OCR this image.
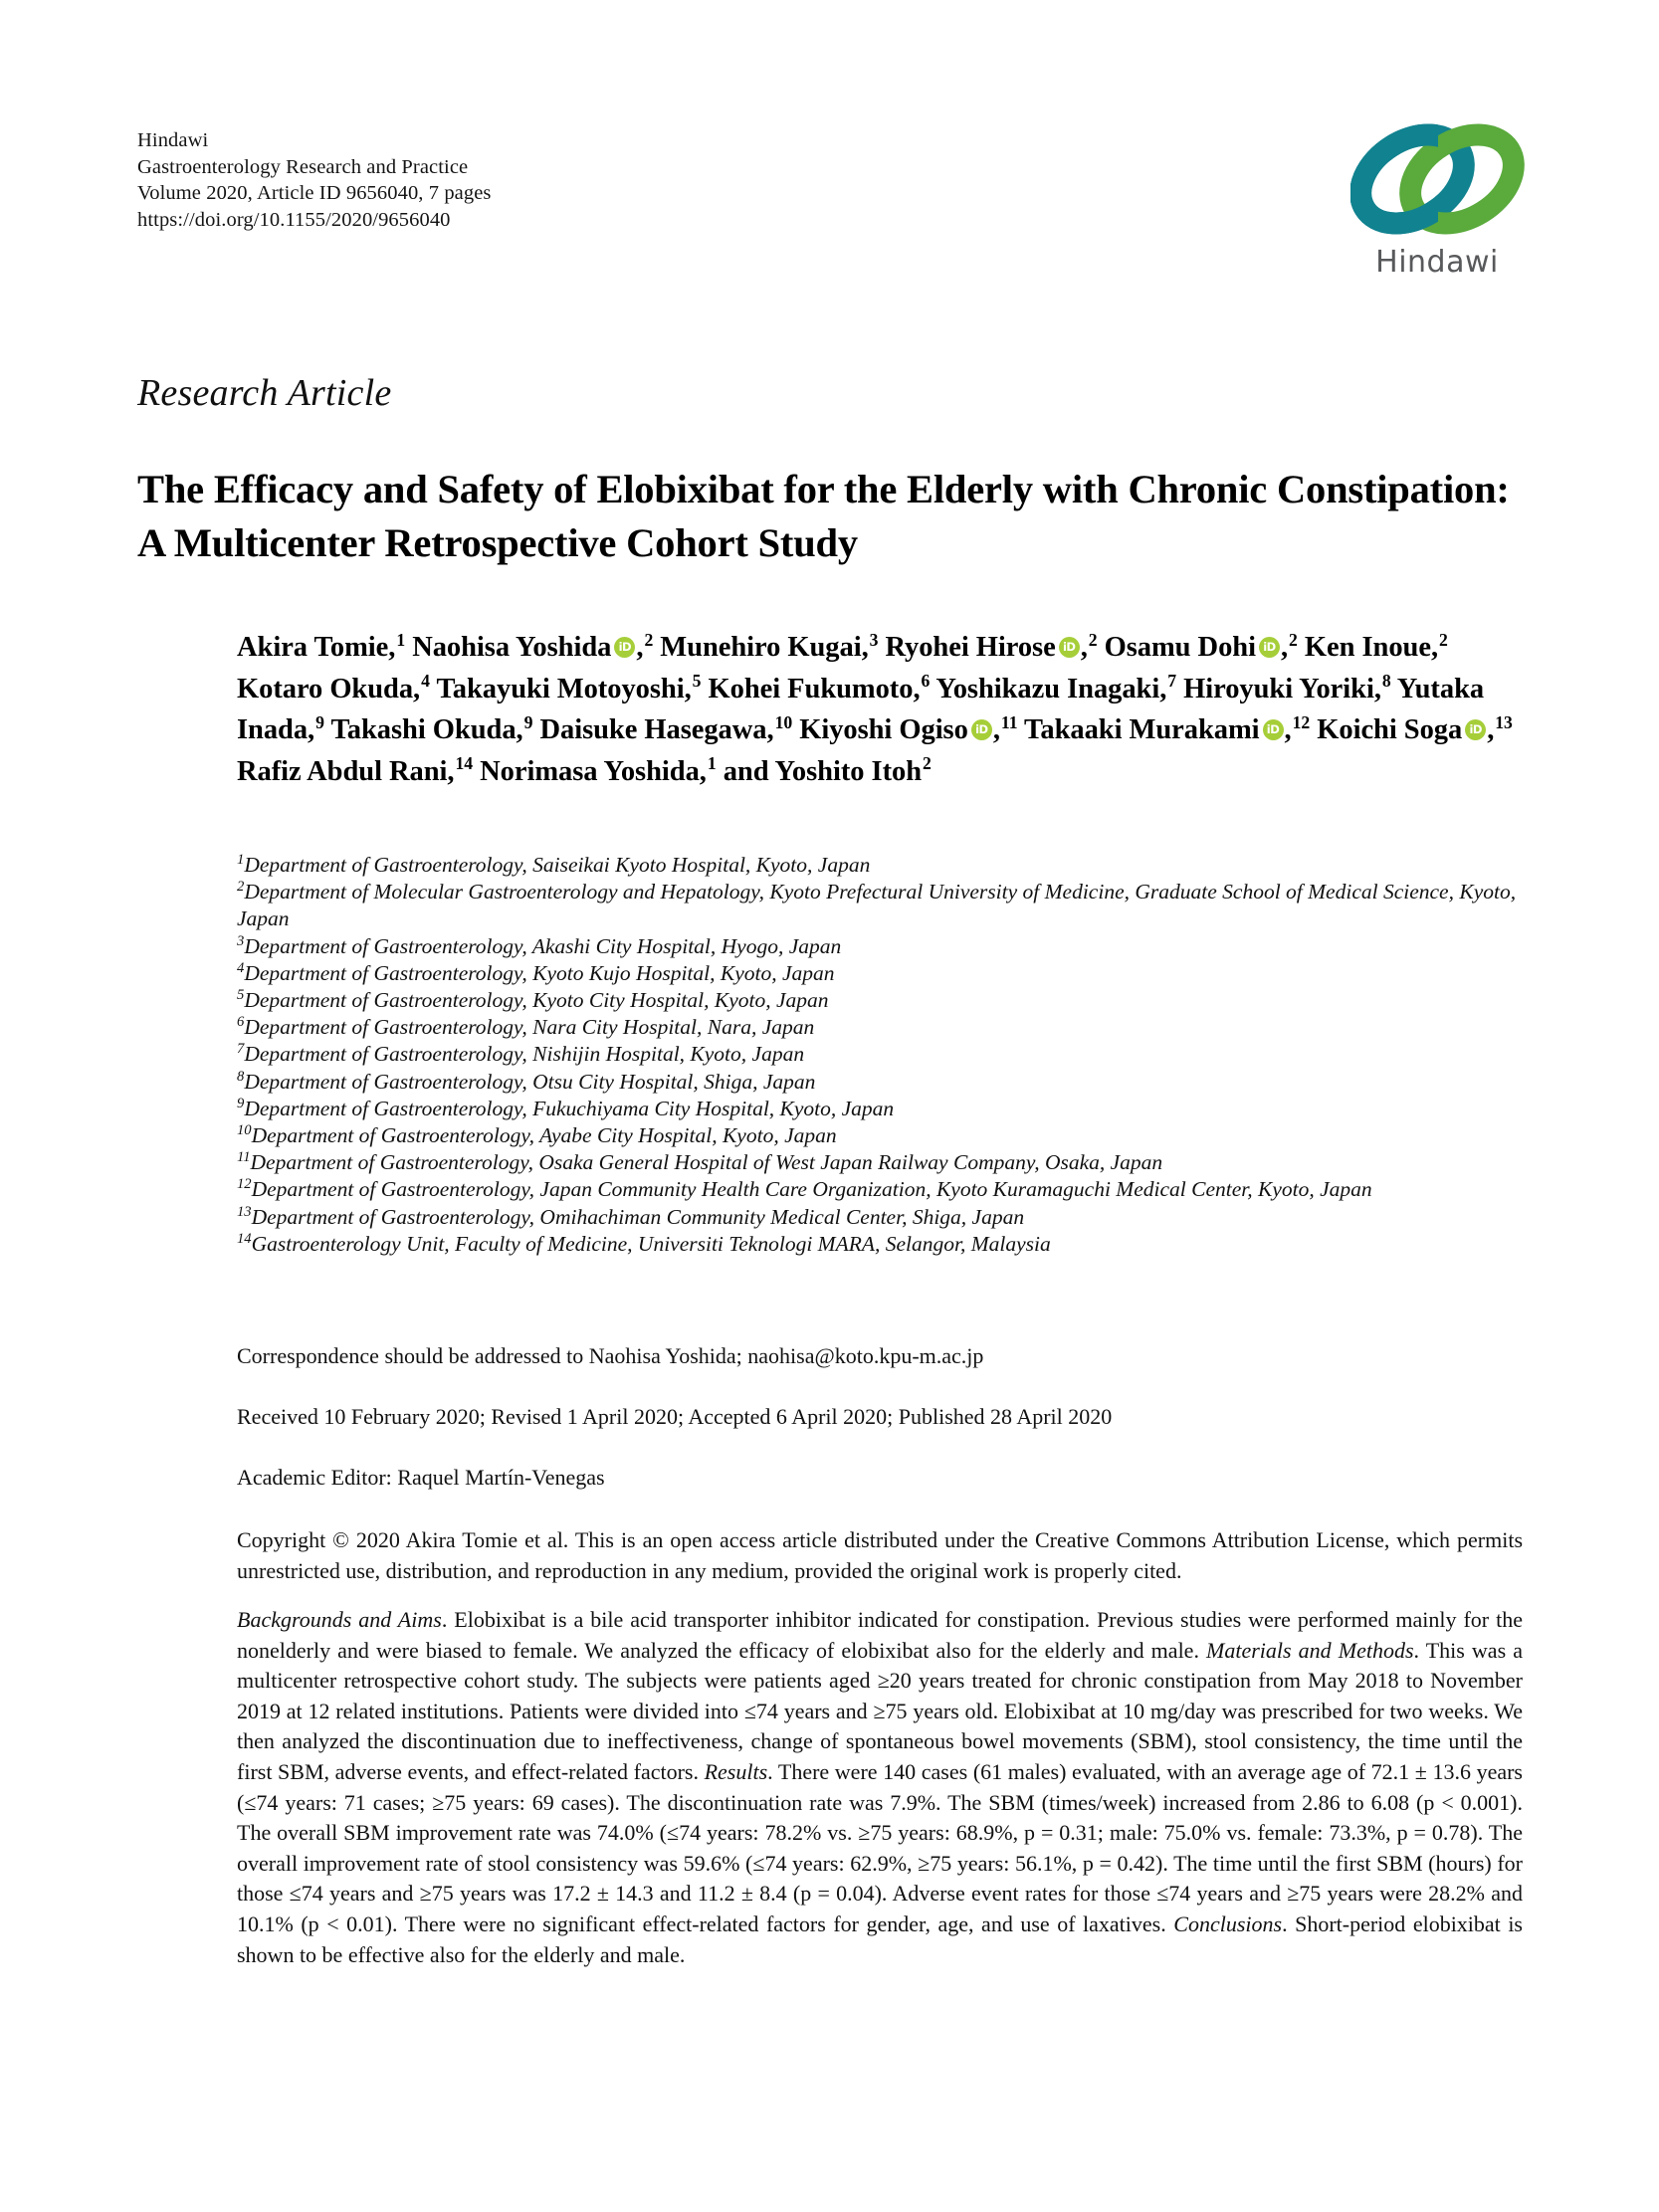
Hindawi
Gastroenterology Research and Practice
Volume 2020, Article ID 9656040, 7 pages
https://doi.org/10.1155/2020/9656040
Hindawi
Research Article
The Efficacy and Safety of Elobixibat for the Elderly with Chronic Constipation: A Multicenter Retrospective Cohort Study
Akira Tomie,$^1$ Naohisa Yoshida iD ,$^2$ Munehiro Kugai,$^3$ Ryohei Hirose iD ,$^2$ Osamu Dohi iD ,$^2$ Ken Inoue,$^2$ Kotaro Okuda,$^4$ Takayuki Motoyoshi,$^5$ Kohei Fukumoto,$^6$ Yoshikazu Inagaki,$^7$ Hiroyuki Yoriki,$^8$ Yutaka Inada,$^9$ Takashi Okuda,$^9$ Daisuke Hasegawa,$^{10}$ Kiyoshi Ogiso iD ,$^{11}$ Takaaki Murakami iD ,$^{12}$ Koichi Soga iD ,$^{13}$ Rafiz Abdul Rani,$^{14}$ Norimasa Yoshida,$^1$ and Yoshito Itoh$^2$
$^1$Department of Gastroenterology, Saiseikai Kyoto Hospital, Kyoto, Japan
$^2$Department of Molecular Gastroenterology and Hepatology, Kyoto Prefectural University of Medicine, Graduate School of Medical Science, Kyoto, Japan
$^3$Department of Gastroenterology, Akashi City Hospital, Hyogo, Japan
$^4$Department of Gastroenterology, Kyoto Kujo Hospital, Kyoto, Japan
$^5$Department of Gastroenterology, Kyoto City Hospital, Kyoto, Japan
$^6$Department of Gastroenterology, Nara City Hospital, Nara, Japan
$^7$Department of Gastroenterology, Nishijin Hospital, Kyoto, Japan
$^8$Department of Gastroenterology, Otsu City Hospital, Shiga, Japan
$^9$Department of Gastroenterology, Fukuchiyama City Hospital, Kyoto, Japan
$^{10}$Department of Gastroenterology, Ayabe City Hospital, Kyoto, Japan
$^{11}$Department of Gastroenterology, Osaka General Hospital of West Japan Railway Company, Osaka, Japan
$^{12}$Department of Gastroenterology, Japan Community Health Care Organization, Kyoto Kuramaguchi Medical Center, Kyoto, Japan
$^{13}$Department of Gastroenterology, Omihachiman Community Medical Center, Shiga, Japan
$^{14}$Gastroenterology Unit, Faculty of Medicine, Universiti Teknologi MARA, Selangor, Malaysia
Correspondence should be addressed to Naohisa Yoshida; naohisa@koto.kpu-m.ac.jp
Received 10 February 2020; Revised 1 April 2020; Accepted 6 April 2020; Published 28 April 2020
Academic Editor: Raquel Martín-Venegas
Copyright © 2020 Akira Tomie et al. This is an open access article distributed under the Creative Commons Attribution License, which permits unrestricted use, distribution, and reproduction in any medium, provided the original work is properly cited.
Backgrounds and Aims. Elobixibat is a bile acid transporter inhibitor indicated for constipation. Previous studies were performed mainly for the nonelderly and were biased to female. We analyzed the efficacy of elobixibat also for the elderly and male. Materials and Methods. This was a multicenter retrospective cohort study. The subjects were patients aged ≥20 years treated for chronic constipation from May 2018 to November 2019 at 12 related institutions. Patients were divided into ≤74 years and ≥75 years old. Elobixibat at 10 mg/day was prescribed for two weeks. We then analyzed the discontinuation due to ineffectiveness, change of spontaneous bowel movements (SBM), stool consistency, the time until the first SBM, adverse events, and effect-related factors. Results. There were 140 cases (61 males) evaluated, with an average age of 72.1 ± 13.6 years (≤74 years: 71 cases; ≥75 years: 69 cases). The discontinuation rate was 7.9%. The SBM (times/week) increased from 2.86 to 6.08 (p < 0.001). The overall SBM improvement rate was 74.0% (≤74 years: 78.2% vs. ≥75 years: 68.9%, p = 0.31; male: 75.0% vs. female: 73.3%, p = 0.78). The overall improvement rate of stool consistency was 59.6% (≤74 years: 62.9%, ≥75 years: 56.1%, p = 0.42). The time until the first SBM (hours) for those ≤74 years and ≥75 years was 17.2 ± 14.3 and 11.2 ± 8.4 (p = 0.04). Adverse event rates for those ≤74 years and ≥75 years were 28.2% and 10.1% (p < 0.01). There were no significant effect-related factors for gender, age, and use of laxatives. Conclusions. Short-period elobixibat is shown to be effective also for the elderly and male.
